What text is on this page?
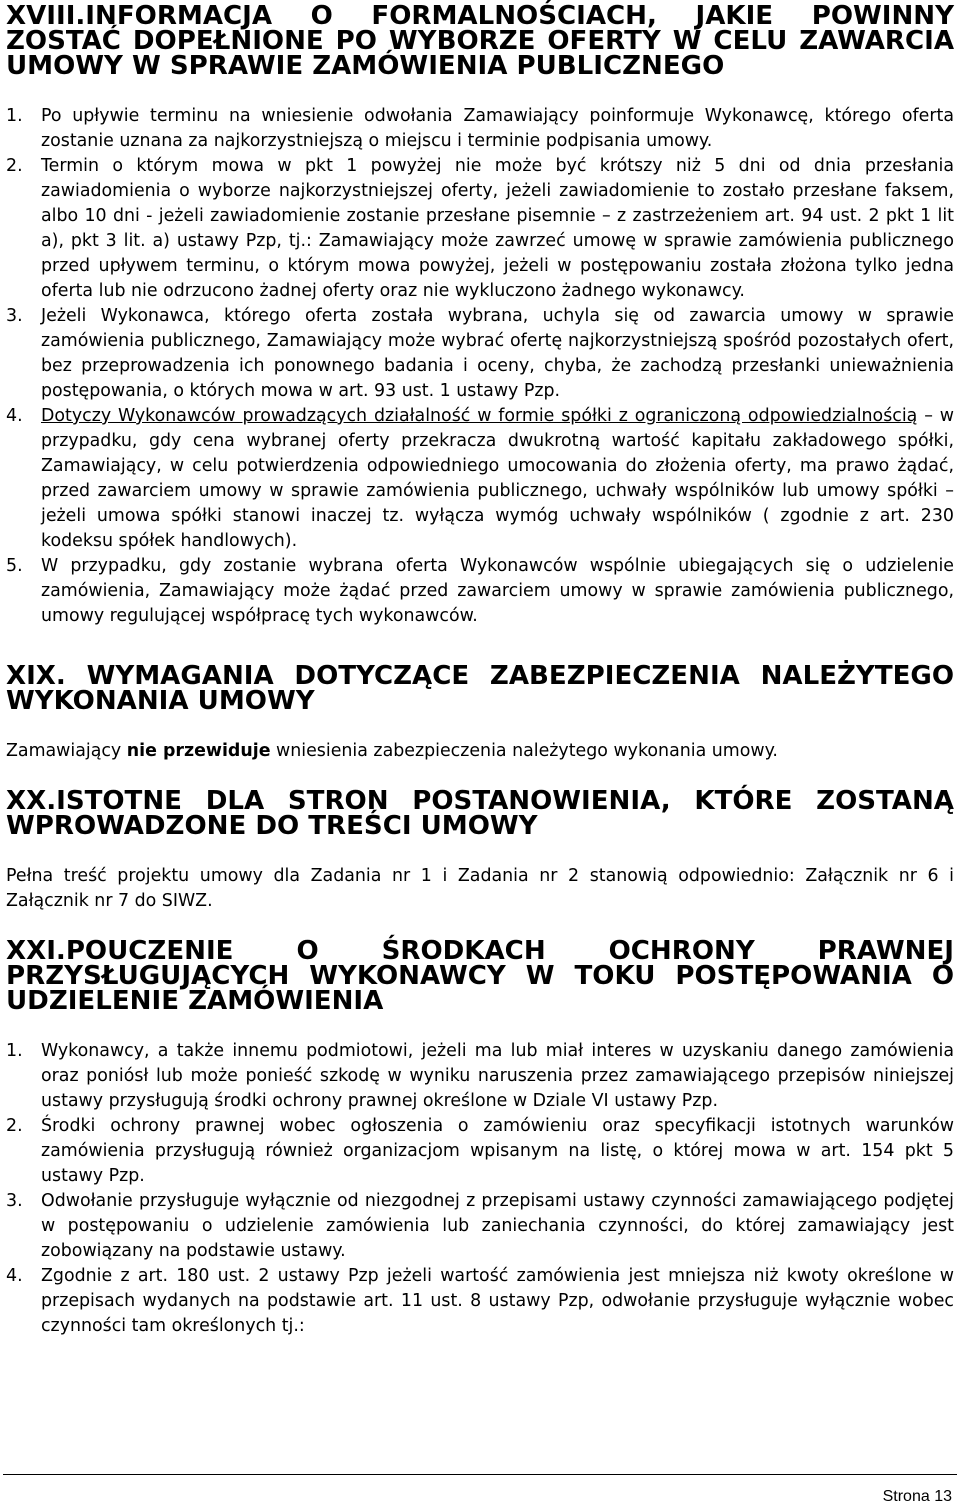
XVIII.INFORMACJA O FORMALNOŚCIACH, JAKIE POWINNY ZOSTAĆ DOPEŁNIONE PO WYBORZE OFERTY W CELU ZAWARCIA UMOWY W SPRAWIE ZAMÓWIENIA PUBLICZNEGO
1.	Po upływie terminu na wniesienie odwołania Zamawiający poinformuje Wykonawcę, którego oferta zostanie uznana za najkorzystniejszą o miejscu i terminie podpisania umowy.
2.	Termin o którym mowa w pkt 1 powyżej nie może być krótszy niż 5 dni od dnia przesłania zawiadomienia o wyborze najkorzystniejszej oferty, jeżeli zawiadomienie to zostało przesłane faksem, albo 10 dni - jeżeli zawiadomienie zostanie przesłane pisemnie – z zastrzeżeniem art. 94 ust. 2 pkt 1 lit a), pkt 3 lit. a) ustawy Pzp, tj.: Zamawiający może zawrzeć umowę w sprawie zamówienia publicznego przed upływem terminu, o którym mowa powyżej, jeżeli w postępowaniu została złożona tylko jedna oferta lub nie odrzucono żadnej oferty oraz nie wykluczono żadnego wykonawcy.
3.	Jeżeli Wykonawca, którego oferta została wybrana, uchyla się od zawarcia umowy w sprawie zamówienia publicznego, Zamawiający może wybrać ofertę najkorzystniejszą spośród pozostałych ofert, bez przeprowadzenia ich ponownego badania i oceny, chyba, że zachodzą przesłanki unieważnienia postępowania, o których mowa w art. 93 ust. 1 ustawy Pzp.
4.	Dotyczy Wykonawców prowadzących działalność w formie spółki z ograniczoną odpowiedzialnością – w przypadku, gdy cena wybranej oferty przekracza dwukrotną wartość kapitału zakładowego spółki, Zamawiający, w celu potwierdzenia odpowiedniego umocowania do złożenia oferty, ma prawo żądać, przed zawarciem umowy w sprawie zamówienia publicznego, uchwały wspólników lub umowy spółki – jeżeli umowa spółki stanowi inaczej tz. wyłącza wymóg uchwały wspólników ( zgodnie z art. 230 kodeksu spółek handlowych).
5.	W przypadku, gdy zostanie wybrana oferta Wykonawców wspólnie ubiegających się o udzielenie zamówienia, Zamawiający może żądać przed zawarciem umowy w sprawie zamówienia publicznego, umowy regulującej współpracę tych wykonawców.
XIX. WYMAGANIA DOTYCZĄCE ZABEZPIECZENIA NALEŻYTEGO WYKONANIA UMOWY

Zamawiający nie przewiduje wniesienia zabezpieczenia należytego wykonania umowy.

XX.ISTOTNE DLA STRON POSTANOWIENIA, KTÓRE ZOSTANĄ WPROWADZONE DO TREŚCI UMOWY

Pełna treść projektu umowy dla Zadania nr 1 i Zadania nr 2 stanowią odpowiednio: Załącznik nr 6 i Załącznik nr 7 do SIWZ.

XXI.POUCZENIE O ŚRODKACH OCHRONY PRAWNEJ PRZYSŁUGUJĄCYCH WYKONAWCY W TOKU POSTĘPOWANIA O UDZIELENIE ZAMÓWIENIA
1.	Wykonawcy, a także innemu podmiotowi, jeżeli ma lub miał interes w uzyskaniu danego zamówienia oraz poniósł lub może ponieść szkodę w wyniku naruszenia przez zamawiającego przepisów niniejszej ustawy przysługują środki ochrony prawnej określone w Dziale VI ustawy Pzp.
2.	Środki ochrony prawnej wobec ogłoszenia o zamówieniu oraz specyfikacji istotnych warunków zamówienia przysługują również organizacjom wpisanym na listę, o której mowa w art. 154 pkt 5 ustawy Pzp.
3.	Odwołanie przysługuje wyłącznie od niezgodnej z przepisami ustawy czynności zamawiającego podjętej w postępowaniu o udzielenie zamówienia lub zaniechania czynności, do której zamawiający jest zobowiązany na podstawie ustawy.
4.	Zgodnie z art. 180 ust. 2 ustawy Pzp jeżeli wartość zamówienia jest mniejsza niż kwoty określone w przepisach wydanych na podstawie art. 11 ust. 8 ustawy Pzp, odwołanie przysługuje wyłącznie wobec czynności tam określonych tj.:
Strona 13
